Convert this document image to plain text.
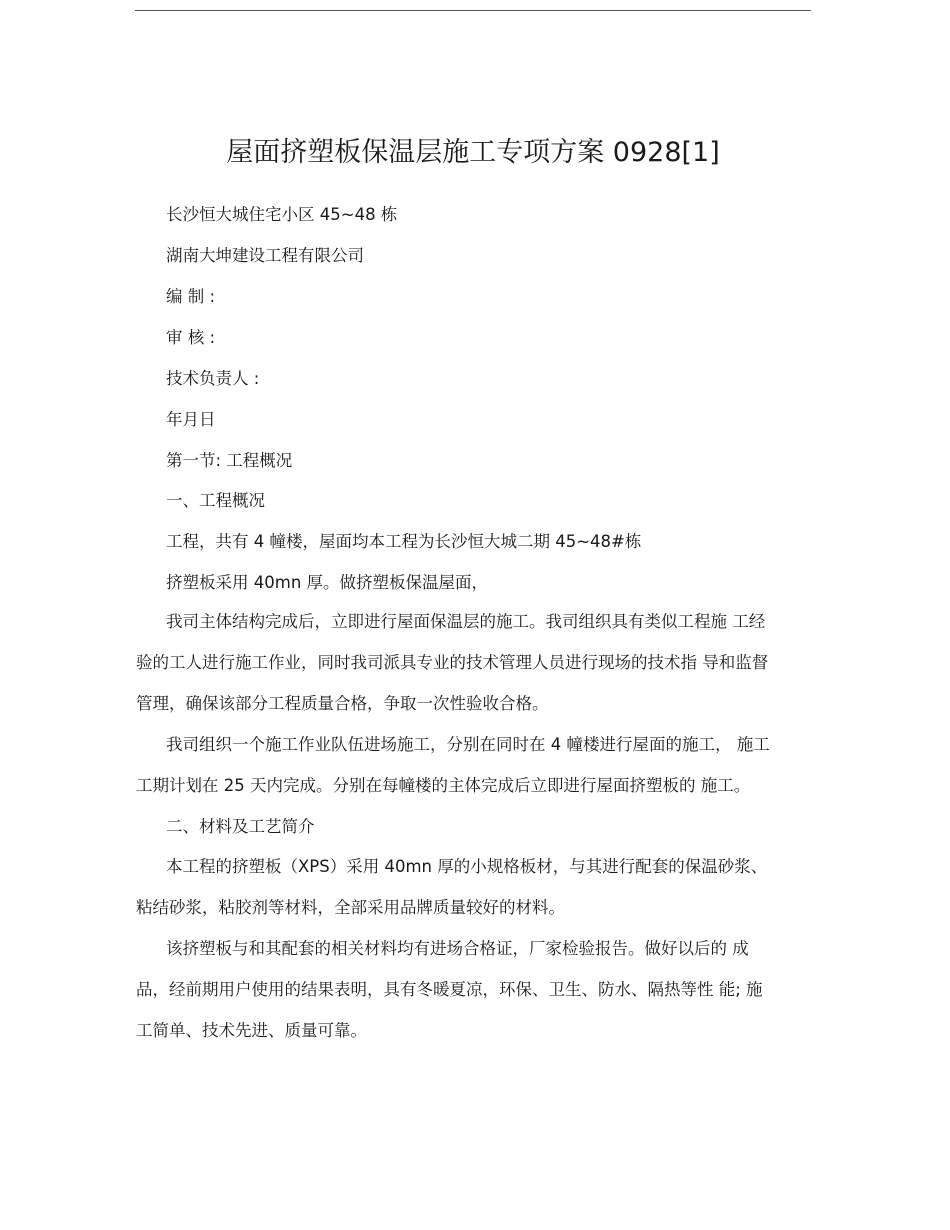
屋面挤塑板保温层施工专项方案 0928[1]

长沙恒大城住宅小区 45~48 栋

湖南大坤建设工程有限公司

编 制 :

审 核 :

技术负责人 :

年月日

第一节: 工程概况

一、工程概况

工程，共有 4 幢楼，屋面均本工程为长沙恒大城二期 45~48#栋

挤塑板采用 40mn 厚。做挤塑板保温屋面，

我司主体结构完成后，立即进行屋面保温层的施工。我司组织具有类似工程施 工经
验的工人进行施工作业，同时我司派具专业的技术管理人员进行现场的技术指 导和监督
管理，确保该部分工程质量合格，争取一次性验收合格。
我司组织一个施工作业队伍进场施工，分别在同时在 4 幢楼进行屋面的施工， 施工
工期计划在 25 天内完成。分别在每幢楼的主体完成后立即进行屋面挤塑板的 施工。

二、材料及工艺简介

本工程的挤塑板（XPS）采用 40mn 厚的小规格板材，与其进行配套的保温砂浆、
粘结砂浆，粘胶剂等材料，全部采用品牌质量较好的材料。
该挤塑板与和其配套的相关材料均有进场合格证，厂家检验报告。做好以后的 成
品，经前期用户使用的结果表明，具有冬暖夏凉，环保、卫生、防水、隔热等性 能; 施
工简单、技术先进、质量可靠。
